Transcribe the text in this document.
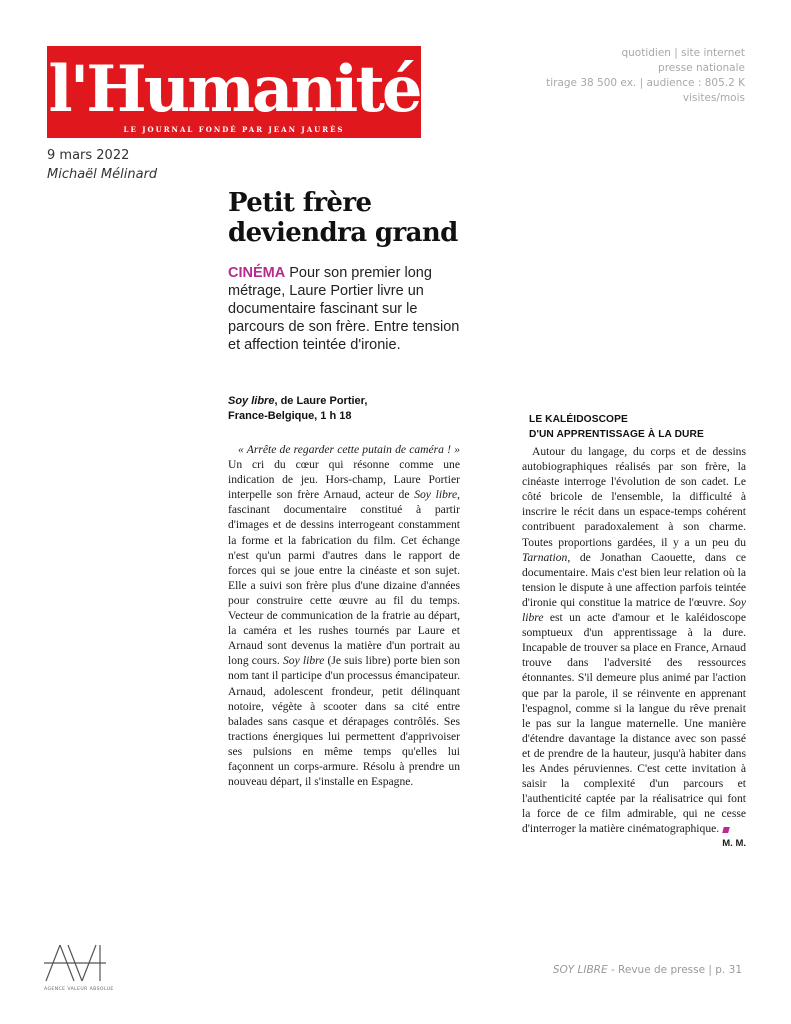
l'Humanité
LE JOURNAL FONDÉ PAR JEAN JAURÈS
quotidien | site internet
presse nationale
tirage 38 500 ex. | audience : 805.2 K
visites/mois
9 mars 2022
Michaël Mélinard
Petit frère
deviendra grand
CINÉMA Pour son premier long métrage, Laure Portier livre un documentaire fascinant sur le parcours de son frère. Entre tension et affection teintée d'ironie.
Soy libre, de Laure Portier,
France-Belgique, 1 h 18
« Arrête de regarder cette putain de caméra ! » Un cri du cœur qui résonne comme une indication de jeu. Hors-champ, Laure Portier interpelle son frère Arnaud, acteur de Soy libre, fascinant documentaire constitué à partir d'images et de dessins interrogeant constamment la forme et la fabrication du film. Cet échange n'est qu'un parmi d'autres dans le rapport de forces qui se joue entre la cinéaste et son sujet. Elle a suivi son frère plus d'une dizaine d'années pour construire cette œuvre au fil du temps. Vecteur de communication de la fratrie au départ, la caméra et les rushes tournés par Laure et Arnaud sont devenus la matière d'un portrait au long cours. Soy libre (Je suis libre) porte bien son nom tant il participe d'un processus émancipateur. Arnaud, adolescent frondeur, petit délinquant notoire, végète à scooter dans sa cité entre balades sans casque et dérapages contrôlés. Ses tractions énergiques lui permettent d'apprivoiser ses pulsions en même temps qu'elles lui façonnent un corps-armure. Résolu à prendre un nouveau départ, il s'installe en Espagne.
LE KALÉIDOSCOPE
D'UN APPRENTISSAGE À LA DURE
Autour du langage, du corps et de dessins autobiographiques réalisés par son frère, la cinéaste interroge l'évolution de son cadet. Le côté bricole de l'ensemble, la difficulté à inscrire le récit dans un espace-temps cohérent contribuent paradoxalement à son charme. Toutes proportions gardées, il y a un peu du Tarnation, de Jonathan Caouette, dans ce documentaire. Mais c'est bien leur relation où la tension le dispute à une affection parfois teintée d'ironie qui constitue la matrice de l'œuvre. Soy libre est un acte d'amour et le kaléidoscope somptueux d'un apprentissage à la dure. Incapable de trouver sa place en France, Arnaud trouve dans l'adversité des ressources étonnantes. S'il demeure plus animé par l'action que par la parole, il se réinvente en apprenant l'espagnol, comme si la langue du rêve prenait le pas sur la langue maternelle. Une manière d'étendre davantage la distance avec son passé et de prendre de la hauteur, jusqu'à habiter dans les Andes péruviennes. C'est cette invitation à saisir la complexité d'un parcours et l'authenticité captée par la réalisatrice qui font la force de ce film admirable, qui ne cesse d'interroger la matière cinématographique.
M. M.
AGENCE VALEUR ABSOLUE
SOY LIBRE - Revue de presse | p. 31
